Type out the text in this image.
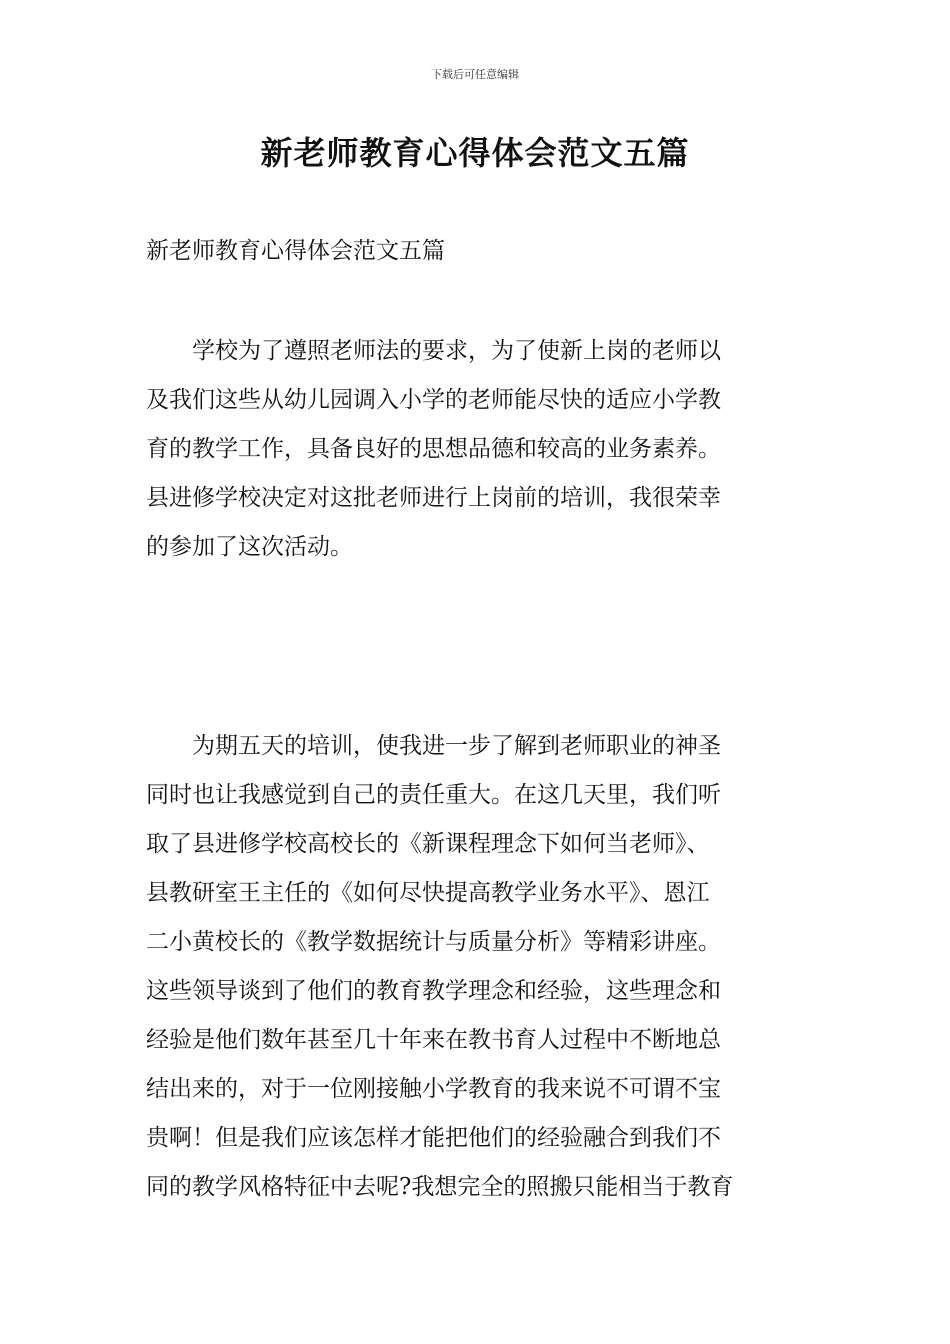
下载后可任意编辑
新老师教育心得体会范文五篇

新老师教育心得体会范文五篇

　　学校为了遵照老师法的要求，为了使新上岗的老师以
及我们这些从幼儿园调入小学的老师能尽快的适应小学教
育的教学工作，具备良好的思想品德和较高的业务素养。
县进修学校决定对这批老师进行上岗前的培训，我很荣幸
的参加了这次活动。
　　为期五天的培训，使我进一步了解到老师职业的神圣
同时也让我感觉到自己的责任重大。在这几天里，我们听
取了县进修学校高校长的《新课程理念下如何当老师》、
县教研室王主任的《如何尽快提高教学业务水平》、恩江
二小黄校长的《教学数据统计与质量分析》等精彩讲座。
这些领导谈到了他们的教育教学理念和经验，这些理念和
经验是他们数年甚至几十年来在教书育人过程中不断地总
结出来的，对于一位刚接触小学教育的我来说不可谓不宝
贵啊！但是我们应该怎样才能把他们的经验融合到我们不
同的教学风格特征中去呢?我想完全的照搬只能相当于教育
